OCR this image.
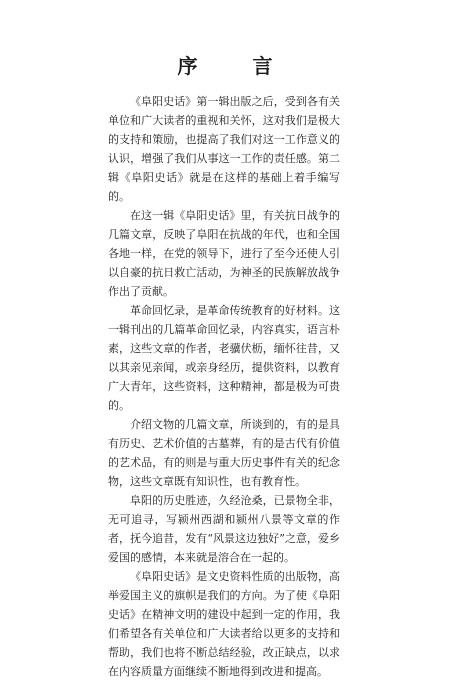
序 言

《阜阳史话》第一辑出版之后，受到各有关单位和广大读者的重视和关怀，这对我们是极大的支持和策励，也提高了我们对这一工作意义的认识，增强了我们从事这一工作的责任感。第二辑《阜阳史话》就是在这样的基础上着手编写的。

在这一辑《阜阳史话》里，有关抗日战争的几篇文章，反映了阜阳在抗战的年代，也和全国各地一样，在党的领导下，进行了至今还使人引以自豪的抗日救亡活动，为神圣的民族解放战争作出了贡献。

革命回忆录，是革命传统教育的好材料。这一辑刊出的几篇革命回忆录，内容真实，语言朴素，这些文章的作者，老骥伏枥，缅怀往昔，又以其亲见亲闻，或亲身经历，提供资料，以教育广大青年，这些资料，这种精神，都是极为可贵的。

介绍文物的几篇文章，所谈到的，有的是具有历史、艺术价值的古墓葬，有的是古代有价值的艺术品，有的则是与重大历史事件有关的纪念物，这些文章既有知识性，也有教育性。

阜阳的历史胜迹，久经沧桑，已景物全非，无可追寻，写颍州西湖和颍州八景等文章的作者，抚今追昔，发有“风景这边独好”之意，爱乡爱国的感情，本来就是溶合在一起的。

《阜阳史话》是文史资料性质的出版物，高举爱国主义的旗帜是我们的方向。为了使《阜阳史话》在精神文明的建设中起到一定的作用，我们希望各有关单位和广大读者给以更多的支持和帮助，我们也将不断总结经验，改正缺点，以求在内容质量方面继续不断地得到改进和提高。
